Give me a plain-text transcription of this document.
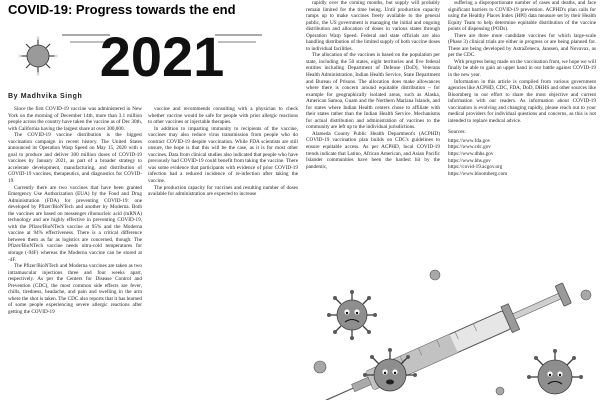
COVID-19: Progress towards the end
2021
By Madhvika Singh

Since the first COVID-19 vaccine was administered in New York on the morning of December 14th, more than 3.1 million people across the country have taken the vaccine as of Dec 30th, with California having the largest share at over 300,000.

The COVID-19 vaccine distribution is the biggest vaccination campaign in recent history. The United States announced its Operation Warp Speed on May 15, 2020 with a goal to produce and deliver 300 million doses of COVID-19 vaccines by January 2021, as part of a broader strategy to accelerate development, manufacturing, and distribution of COVID-19 vaccines, therapeutics, and diagnostics for COVID-19.

Currently there are two vaccines that have been granted Emergency Use Authorization (EUA) by the Food and Drug Administration (FDA) for preventing COVID-19: one developed by Pfizer/BioNTech and another by Moderna. Both the vaccines are based on messenger ribonucleic acid (mRNA) technology and are highly effective in preventing COVID-19, with the Pfizer/BioNTech vaccine at 95% and the Moderna vaccine at 94% effectiveness. There is a critical difference between them as far as logistics are concerned, though: The Pfizer/BioNTech vaccine needs ultra-cold temperatures for storage (-94F) whereas the Moderna vaccine can be stored at -4F.

The Pfizer/BioNTech and Moderna vaccines are taken as two intramuscular injections three and four weeks apart, respectively. As per the Centers for Disease Control and Prevention (CDC), the most common side effects are fever, chills, tiredness, headache, and pain and swelling in the arm where the shot is taken. The CDC also reports that it has learned of some people experiencing severe allergic reactions after getting the COVID-19

vaccine and recommends consulting with a physician to check whether vaccine would be safe for people with prior allergic reactions to other vaccines or injectable therapies.

In addition to imparting immunity to recipients of the vaccine, vaccines may also reduce virus transmission from people who do contract COVID-19 despite vaccination. While FDA scientists are still unsure, the hope is that this will be the case, as it is for most other vaccines. Data from clinical studies also indicated that people who have previously had COVID-19 could benefit from taking the vaccine. There was some evidence that participants with evidence of prior COVID-19 infection had a reduced incidence of re-infection after taking the vaccine.

The production capacity for vaccines and resulting number of doses available for administration are expected to increase

rapidly over the coming months, but supply will probably remain limited for the time being. Until production capacity ramps up to make vaccines freely available to the general public, the US government is managing the initial and ongoing distribution and allocation of doses in various states through Operation Warp Speed. Federal and state officials are also handling distribution of the limited supply of both vaccine doses to individual facilities.

The allocation of the vaccines is based on the population per state, including the 50 states, eight territories and five federal entities including Department of Defense (DoD), Veterans Health Administration, Indian Health Service, State Department and Bureau of Prisons. The allocation does make allowances where there is concern around equitable distribution – for example for geographically isolated areas, such as Alaska, American Samoa, Guam and the Northern Mariana Islands, and for states where Indian Health centers chose to affiliate with their states rather than the Indian Health Service. Mechanisms for actual distribution and administration of vaccines to the community are left up to the individual jurisdictions.

Alameda County Public Health Department's (ACPHD) COVID-19 vaccination plan builds on CDC's guidelines to ensure equitable access. As per ACPHD, local COVID-19 trends indicate that Latino, African American, and Asian Pacific Islander communities have been the hardest hit by the pandemic,

suffering a disproportionate number of cases and deaths, and face significant barriers to COVID-19 prevention. ACPHD's plan calls for using the Healthy Places Index (HPI) data measure set by their Health Equity Team to help determine equitable distribution of the vaccine points of dispensing (PODs).

There are three more candidate vaccines for which large-scale (Phase 3) clinical trials are either in progress or are being planned for. These are being developed by AstraZeneca, Janssen, and Novavax, as per the CDC.

With progress being made on the vaccination front, we hope we will finally be able to gain an upper hand in our battle against COVID-19 in the new year.

Information in this article is compiled from various government agencies like ACPHD, CDC, FDA, DoD, DHHS and other sources like Bloomberg in our effort to share the most objective and current information with our readers. As information about COVID-19 vaccination is evolving and changing rapidly, please reach out to your medical providers for individual questions and concerns, as this is not intended to replace medical advice.

Sources:

https://www.fda.gov
https://www.cdc.gov
https://www.dhhs.gov
https://www.hhs.gov
https://covid-19.acgov.org
https://www.bloomberg.com
